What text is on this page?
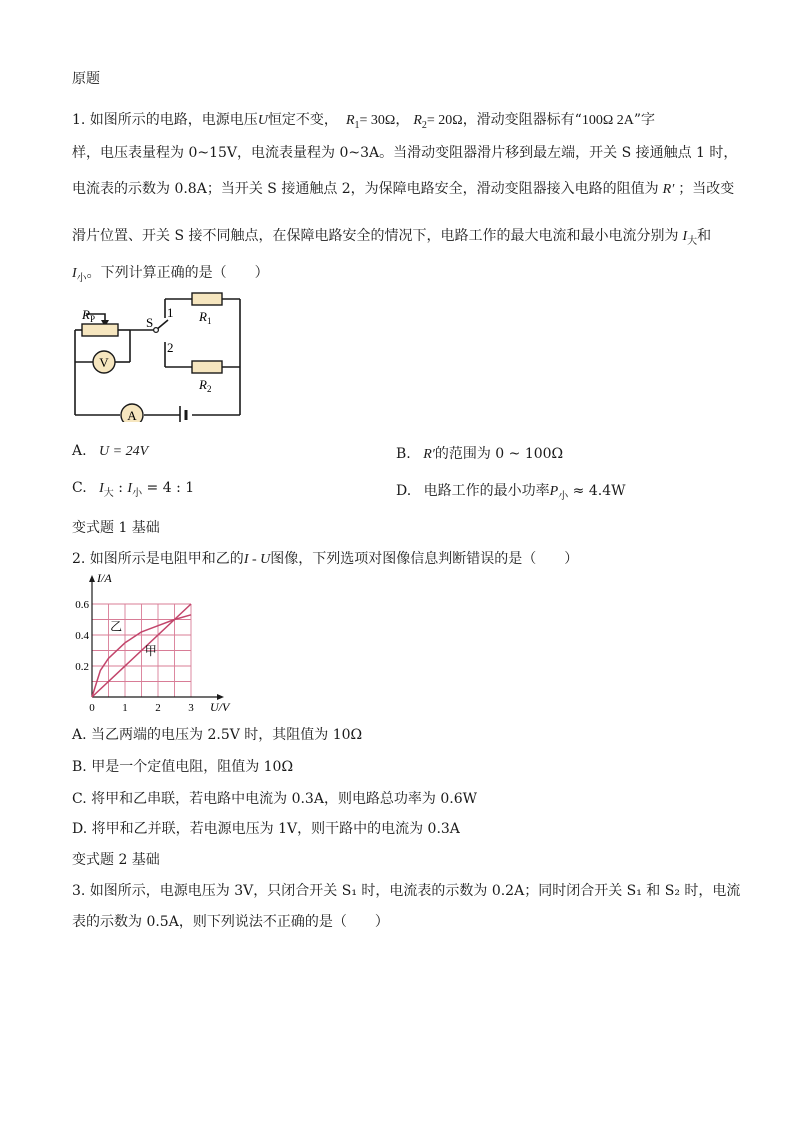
原题
1. 如图所示的电路，电源电压U恒定不变， $R_1= 30\Omega$， $R_2= 20\Omega$，滑动变阻器标有“100Ω 2A”字
样，电压表量程为 0~15V，电流表量程为 0~3A。当滑动变阻器滑片移到最左端，开关 S 接通触点 1 时，
电流表的示数为 0.8A；当开关 S 接通触点 2，为保障电路安全，滑动变阻器接入电路的阻值为 R′ ；当改变
滑片位置、开关 S 接不同触点，在保障电路安全的情况下，电路工作的最大电流和最小电流分别为 $I_大$和
$I_小$。下列计算正确的是（　　）
$R_P$	S
1
2
$R_1$
$R_2$
V
A
A. U = 24V	B. R′的范围为 0 ~ 100Ω
C. $I_大$ : $I_小 = 4$ : 1	D. 电路工作的最小功率$P_小 \approx 4.4W$
变式题 1 基础
2. 如图所示是电阻甲和乙的I - U图像，下列选项对图像信息判断错误的是（　　）
甲
乙
0	1	2	3
0.2
0.4
0.6
I/A
U/V
A. 当乙两端的电压为 2.5V 时，其阻值为 10Ω
B. 甲是一个定值电阻，阻值为 10Ω
C. 将甲和乙串联，若电路中电流为 0.3A，则电路总功率为 0.6W
D. 将甲和乙并联，若电源电压为 1V，则干路中的电流为 0.3A
变式题 2 基础
3. 如图所示，电源电压为 3V，只闭合开关 S₁ 时，电流表的示数为 0.2A；同时闭合开关 S₁ 和 S₂ 时，电流
表的示数为 0.5A，则下列说法不正确的是（　　）
